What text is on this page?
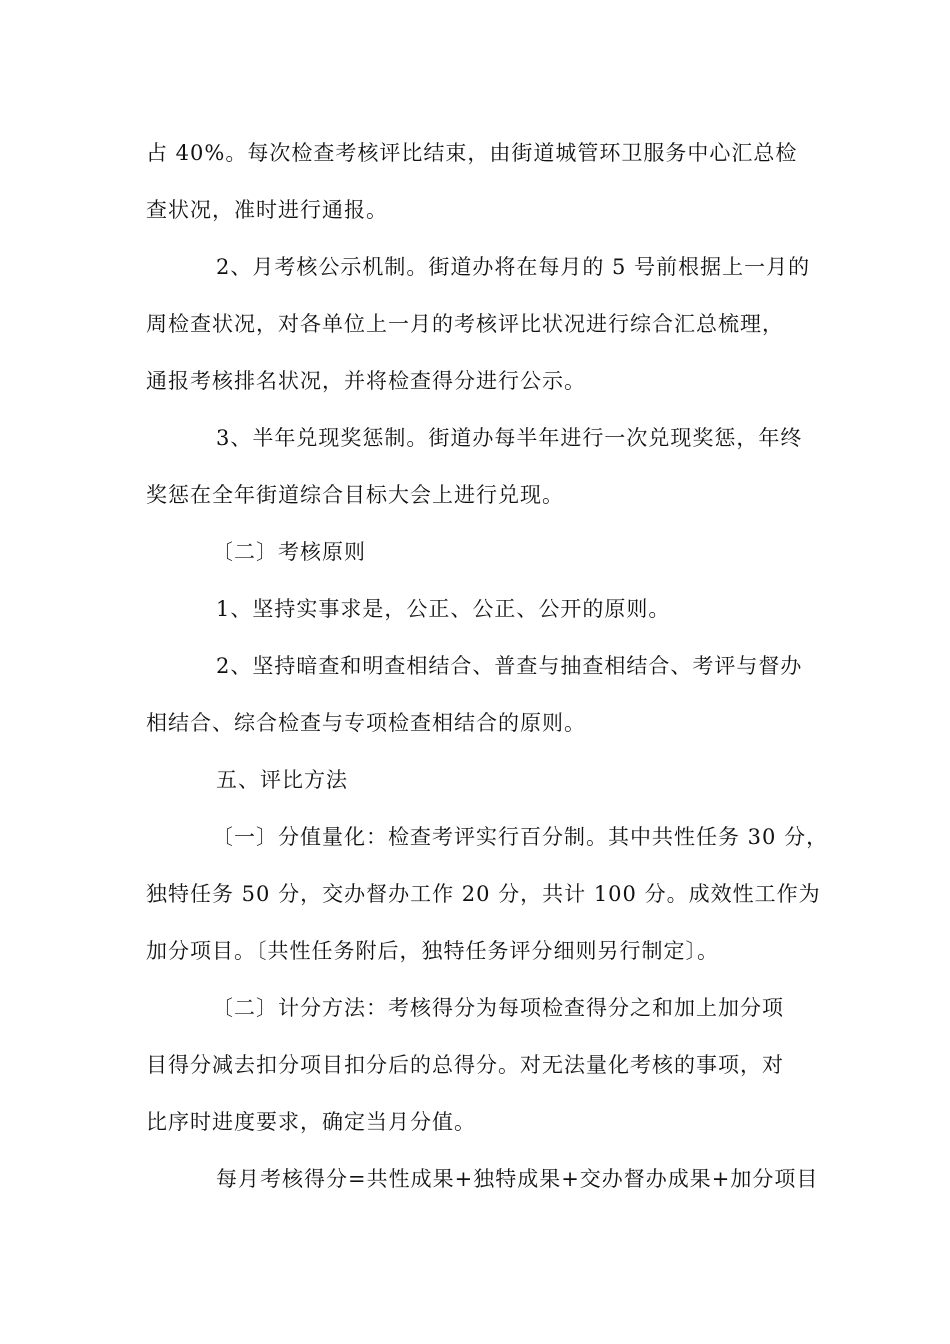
占 40%。每次检查考核评比结束，由街道城管环卫服务中心汇总检
查状况，准时进行通报。
2、月考核公示机制。街道办将在每月的 5 号前根据上一月的
周检查状况，对各单位上一月的考核评比状况进行综合汇总梳理，
通报考核排名状况，并将检查得分进行公示。
3、半年兑现奖惩制。街道办每半年进行一次兑现奖惩，年终
奖惩在全年街道综合目标大会上进行兑现。
〔二〕考核原则
1、坚持实事求是，公正、公正、公开的原则。
2、坚持暗查和明查相结合、普查与抽查相结合、考评与督办
相结合、综合检查与专项检查相结合的原则。
五、评比方法
〔一〕分值量化：检查考评实行百分制。其中共性任务 30 分，
独特任务 50 分，交办督办工作 20 分，共计 100 分。成效性工作为
加分项目。〔共性任务附后，独特任务评分细则另行制定〕。
〔二〕计分方法：考核得分为每项检查得分之和加上加分项
目得分减去扣分项目扣分后的总得分。对无法量化考核的事项，对
比序时进度要求，确定当月分值。
每月考核得分=共性成果+独特成果+交办督办成果+加分项目
